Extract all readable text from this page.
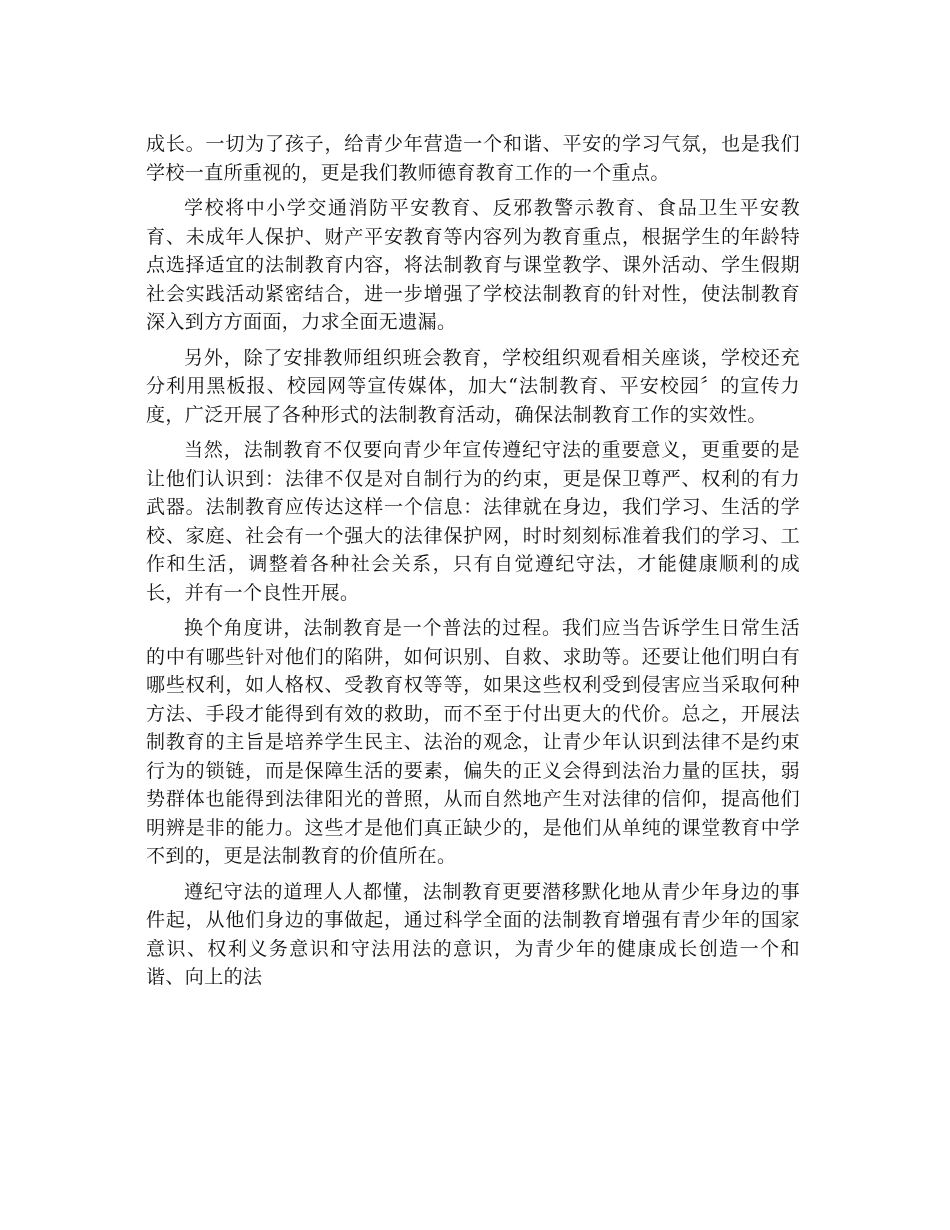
成长。一切为了孩子，给青少年营造一个和谐、平安的学习气氛，也是我们学校一直所重视的，更是我们教师德育教育工作的一个重点。

学校将中小学交通消防平安教育、反邪教警示教育、食品卫生平安教育、未成年人保护、财产平安教育等内容列为教育重点，根据学生的年龄特点选择适宜的法制教育内容，将法制教育与课堂教学、课外活动、学生假期社会实践活动紧密结合，进一步增强了学校法制教育的针对性，使法制教育深入到方方面面，力求全面无遗漏。

另外，除了安排教师组织班会教育，学校组织观看相关座谈，学校还充分利用黑板报、校园网等宣传媒体，加大“法制教育、平安校园〞的宣传力度，广泛开展了各种形式的法制教育活动，确保法制教育工作的实效性。

当然，法制教育不仅要向青少年宣传遵纪守法的重要意义，更重要的是让他们认识到：法律不仅是对自制行为的约束，更是保卫尊严、权利的有力武器。法制教育应传达这样一个信息：法律就在身边，我们学习、生活的学校、家庭、社会有一个强大的法律保护网，时时刻刻标准着我们的学习、工作和生活，调整着各种社会关系，只有自觉遵纪守法，才能健康顺利的成长，并有一个良性开展。

换个角度讲，法制教育是一个普法的过程。我们应当告诉学生日常生活的中有哪些针对他们的陷阱，如何识别、自救、求助等。还要让他们明白有哪些权利，如人格权、受教育权等等，如果这些权利受到侵害应当采取何种方法、手段才能得到有效的救助，而不至于付出更大的代价。总之，开展法制教育的主旨是培养学生民主、法治的观念，让青少年认识到法律不是约束行为的锁链，而是保障生活的要素，偏失的正义会得到法治力量的匡扶，弱势群体也能得到法律阳光的普照，从而自然地产生对法律的信仰，提高他们明辨是非的能力。这些才是他们真正缺少的，是他们从单纯的课堂教育中学不到的，更是法制教育的价值所在。

遵纪守法的道理人人都懂，法制教育更要潜移默化地从青少年身边的事件起，从他们身边的事做起，通过科学全面的法制教育增强有青少年的国家意识、权利义务意识和守法用法的意识，为青少年的健康成长创造一个和谐、向上的法
